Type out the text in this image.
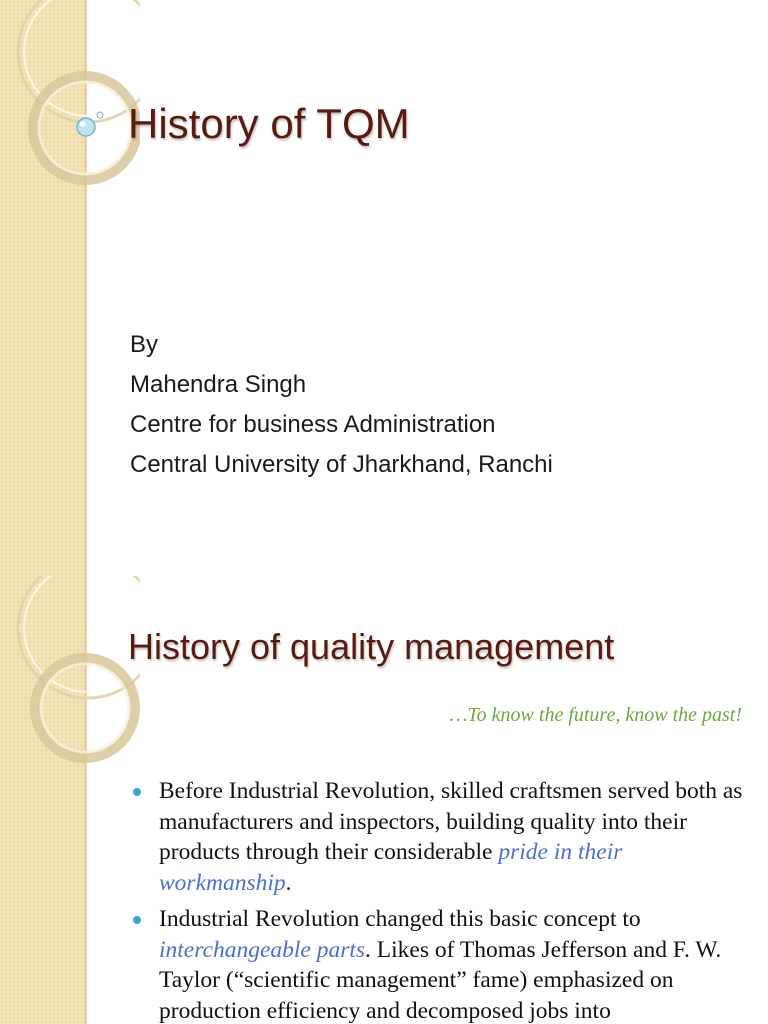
History of TQM
By
Mahendra Singh
Centre for business Administration
Central University of Jharkhand, Ranchi
History of quality management
…To know the future, know the past!
Before Industrial Revolution, skilled craftsmen served both as manufacturers and inspectors, building quality into their products through their considerable pride in their workmanship.
Industrial Revolution changed this basic concept to interchangeable parts. Likes of Thomas Jefferson and F. W. Taylor (“scientific management” fame) emphasized on production efficiency and decomposed jobs into
